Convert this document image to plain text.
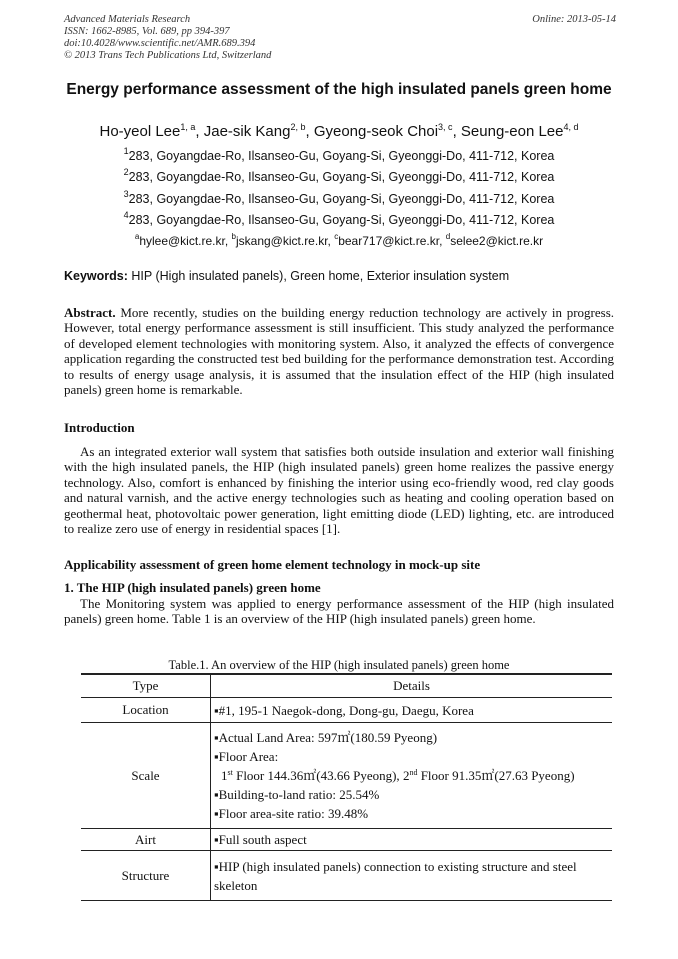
Advanced Materials Research
ISSN: 1662-8985, Vol. 689, pp 394-397
doi:10.4028/www.scientific.net/AMR.689.394
© 2013 Trans Tech Publications Ltd, Switzerland
Online: 2013-05-14
Energy performance assessment of the high insulated panels green home
Ho-yeol Lee$^{1, a}$, Jae-sik Kang$^{2, b}$, Gyeong-seok Choi$^{3, c}$, Seung-eon Lee$^{4, d}$
$^1$283, Goyangdae-Ro, Ilsanseo-Gu, Goyang-Si, Gyeonggi-Do, 411-712, Korea
$^2$283, Goyangdae-Ro, Ilsanseo-Gu, Goyang-Si, Gyeonggi-Do, 411-712, Korea
$^3$283, Goyangdae-Ro, Ilsanseo-Gu, Goyang-Si, Gyeonggi-Do, 411-712, Korea
$^4$283, Goyangdae-Ro, Ilsanseo-Gu, Goyang-Si, Gyeonggi-Do, 411-712, Korea
$^a$hylee@kict.re.kr, $^b$jskang@kict.re.kr, $^c$bear717@kict.re.kr, $^d$selee2@kict.re.kr
Keywords: HIP (High insulated panels), Green home, Exterior insulation system
Abstract. More recently, studies on the building energy reduction technology are actively in progress. However, total energy performance assessment is still insufficient. This study analyzed the performance of developed element technologies with monitoring system. Also, it analyzed the effects of convergence application regarding the constructed test bed building for the performance demonstration test. According to results of energy usage analysis, it is assumed that the insulation effect of the HIP (high insulated panels) green home is remarkable.
Introduction
As an integrated exterior wall system that satisfies both outside insulation and exterior wall finishing with the high insulated panels, the HIP (high insulated panels) green home realizes the passive energy technology. Also, comfort is enhanced by finishing the interior using eco-friendly wood, red clay goods and natural varnish, and the active energy technologies such as heating and cooling operation based on geothermal heat, photovoltaic power generation, light emitting diode (LED) lighting, etc. are introduced to realize zero use of energy in residential spaces [1].
Applicability assessment of green home element technology in mock-up site
1. The HIP (high insulated panels) green home
The Monitoring system was applied to energy performance assessment of the HIP (high insulated panels) green home. Table 1 is an overview of the HIP (high insulated panels) green home.
Table.1. An overview of the HIP (high insulated panels) green home
Type	Details
Location	▪#1, 195-1 Naegok-dong, Dong-gu, Daegu, Korea

Scale	▪Actual Land Area: 597㎡(180.59 Pyeong)
▪Floor Area:
1st Floor 144.36㎡(43.66 Pyeong), 2nd Floor 91.35㎡(27.63 Pyeong)
▪Building-to-land ratio: 25.54%
▪Floor area-site ratio: 39.48%

Airt	▪Full south aspect

Structure	▪HIP (high insulated panels) connection to existing structure and steel skeleton
